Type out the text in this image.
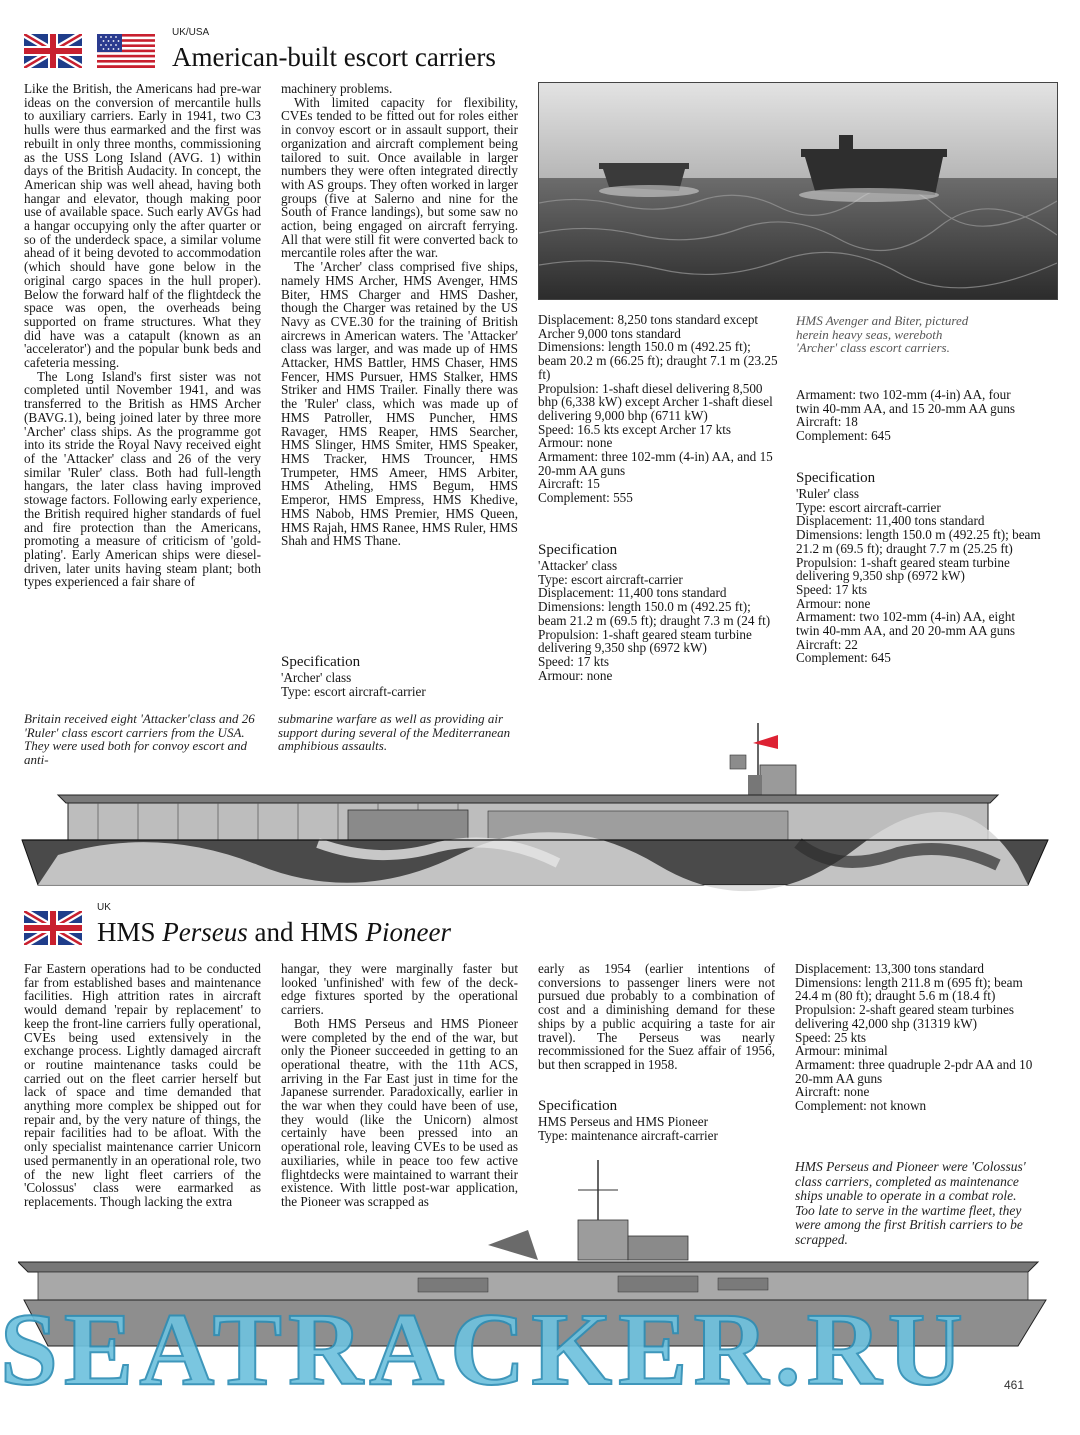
UK/USA
American-built escort carriers

Like the British, the Americans had pre-war ideas on the conversion of mercantile hulls to auxiliary carriers. Early in 1941, two C3 hulls were thus earmarked and the first was rebuilt in only three months, commissioning as the USS Long Island (AVG. 1) within days of the British Audacity. In concept, the American ship was well ahead, having both hangar and elevator, though making poor use of available space. Such early AVGs had a hangar occupying only the after quarter or so of the underdeck space, a similar volume ahead of it being devoted to accommodation (which should have gone below in the original cargo spaces in the hull proper). Below the forward half of the flightdeck the space was open, the overheads being supported on frame structures. What they did have was a catapult (known as an 'accelerator') and the popular bunk beds and cafeteria messing.

The Long Island's first sister was not completed until November 1941, and was transferred to the British as HMS Archer (BAVG.1), being joined later by three more 'Archer' class ships. As the programme got into its stride the Royal Navy received eight of the 'Attacker' class and 26 of the very similar 'Ruler' class. Both had full-length hangars, the later class having improved stowage factors. Following early experience, the British required higher standards of fuel and fire protection than the Americans, promoting a measure of criticism of 'gold-plating'. Early American ships were diesel-driven, later units having steam plant; both types experienced a fair share of

machinery problems.

With limited capacity for flexibility, CVEs tended to be fitted out for roles either in convoy escort or in assault support, their organization and aircraft complement being tailored to suit. Once available in larger numbers they were often integrated directly with AS groups. They often worked in larger groups (five at Salerno and nine for the South of France landings), but some saw no action, being engaged on aircraft ferrying. All that were still fit were converted back to mercantile roles after the war.

The 'Archer' class comprised five ships, namely HMS Archer, HMS Avenger, HMS Biter, HMS Charger and HMS Dasher, though the Charger was retained by the US Navy as CVE.30 for the training of British aircrews in American waters. The 'Attacker' class was larger, and was made up of HMS Attacker, HMS Battler, HMS Chaser, HMS Fencer, HMS Pursuer, HMS Stalker, HMS Striker and HMS Trailer. Finally there was the 'Ruler' class, which was made up of HMS Patroller, HMS Puncher, HMS Ravager, HMS Reaper, HMS Searcher, HMS Slinger, HMS Smiter, HMS Speaker, HMS Tracker, HMS Trouncer, HMS Trumpeter, HMS Ameer, HMS Arbiter, HMS Atheling, HMS Begum, HMS Emperor, HMS Empress, HMS Khedive, HMS Nabob, HMS Premier, HMS Queen, HMS Rajah, HMS Ranee, HMS Ruler, HMS Shah and HMS Thane.

Specification
'Archer' class
Type: escort aircraft-carrier
Displacement: 8,250 tons standard except Archer 9,000 tons standard
Dimensions: length 150.0 m (492.25 ft); beam 20.2 m (66.25 ft); draught 7.1 m (23.25 ft)
Propulsion: 1-shaft diesel delivering 8,500 bhp (6,338 kW) except Archer 1-shaft diesel delivering 9,000 bhp (6711 kW)
Speed: 16.5 kts except Archer 17 kts
Armour: none
Armament: three 102-mm (4-in) AA, and 15 20-mm AA guns
Aircraft: 15
Complement: 555
Specification
'Attacker' class
Type: escort aircraft-carrier
Displacement: 11,400 tons standard
Dimensions: length 150.0 m (492.25 ft); beam 21.2 m (69.5 ft); draught 7.3 m (24 ft)
Propulsion: 1-shaft geared steam turbine delivering 9,350 shp (6972 kW)
Speed: 17 kts
Armour: none
HMS Avenger and Biter, pictured herein heavy seas, wereboth 'Archer' class escort carriers.
Armament: two 102-mm (4-in) AA, four twin 40-mm AA, and 15 20-mm AA guns
Aircraft: 18
Complement: 645
Specification
'Ruler' class
Type: escort aircraft-carrier
Displacement: 11,400 tons standard
Dimensions: length 150.0 m (492.25 ft); beam 21.2 m (69.5 ft); draught 7.7 m (25.25 ft)
Propulsion: 1-shaft geared steam turbine delivering 9,350 shp (6972 kW)
Speed: 17 kts
Armour: none
Armament: two 102-mm (4-in) AA, eight twin 40-mm AA, and 20 20-mm AA guns
Aircraft: 22
Complement: 645
Britain received eight 'Attacker'class and 26 'Ruler' class escort carriers from the USA. They were used both for convoy escort and anti-
submarine warfare as well as providing air support during several of the Mediterranean amphibious assaults.
UK
HMS Perseus and HMS Pioneer

Far Eastern operations had to be conducted far from established bases and maintenance facilities. High attrition rates in aircraft would demand 'repair by replacement' to keep the front-line carriers fully operational, CVEs being used extensively in the exchange process. Lightly damaged aircraft or routine maintenance tasks could be carried out on the fleet carrier herself but lack of space and time demanded that anything more complex be shipped out for repair and, by the very nature of things, the repair facilities had to be afloat. With the only specialist maintenance carrier Unicorn used permanently in an operational role, two of the new light fleet carriers of the 'Colossus' class were earmarked as replacements. Though lacking the extra

hangar, they were marginally faster but looked 'unfinished' with few of the deck-edge fixtures sported by the operational carriers.

Both HMS Perseus and HMS Pioneer were completed by the end of the war, but only the Pioneer succeeded in getting to an operational theatre, with the 11th ACS, arriving in the Far East just in time for the Japanese surrender. Paradoxically, earlier in the war when they could have been of use, they would (like the Unicorn) almost certainly have been pressed into an operational role, leaving CVEs to be used as auxiliaries, while in peace too few active flightdecks were maintained to warrant their existence. With little post-war application, the Pioneer was scrapped as

early as 1954 (earlier intentions of conversions to passenger liners were not pursued due probably to a combination of cost and a diminishing demand for these ships by a public acquiring a taste for air travel). The Perseus was nearly recommissioned for the Suez affair of 1956, but then scrapped in 1958.

Specification
HMS Perseus and HMS Pioneer
Type: maintenance aircraft-carrier
Displacement: 13,300 tons standard
Dimensions: length 211.8 m (695 ft); beam 24.4 m (80 ft); draught 5.6 m (18.4 ft)
Propulsion: 2-shaft geared steam turbines delivering 42,000 shp (31319 kW)
Speed: 25 kts
Armour: minimal
Armament: three quadruple 2-pdr AA and 10 20-mm AA guns
Aircraft: none
Complement: not known
HMS Perseus and Pioneer were 'Colossus' class carriers, completed as maintenance ships unable to operate in a combat role. Too late to serve in the wartime fleet, they were among the first British carriers to be scrapped.
SEATRACKER.RU	461
